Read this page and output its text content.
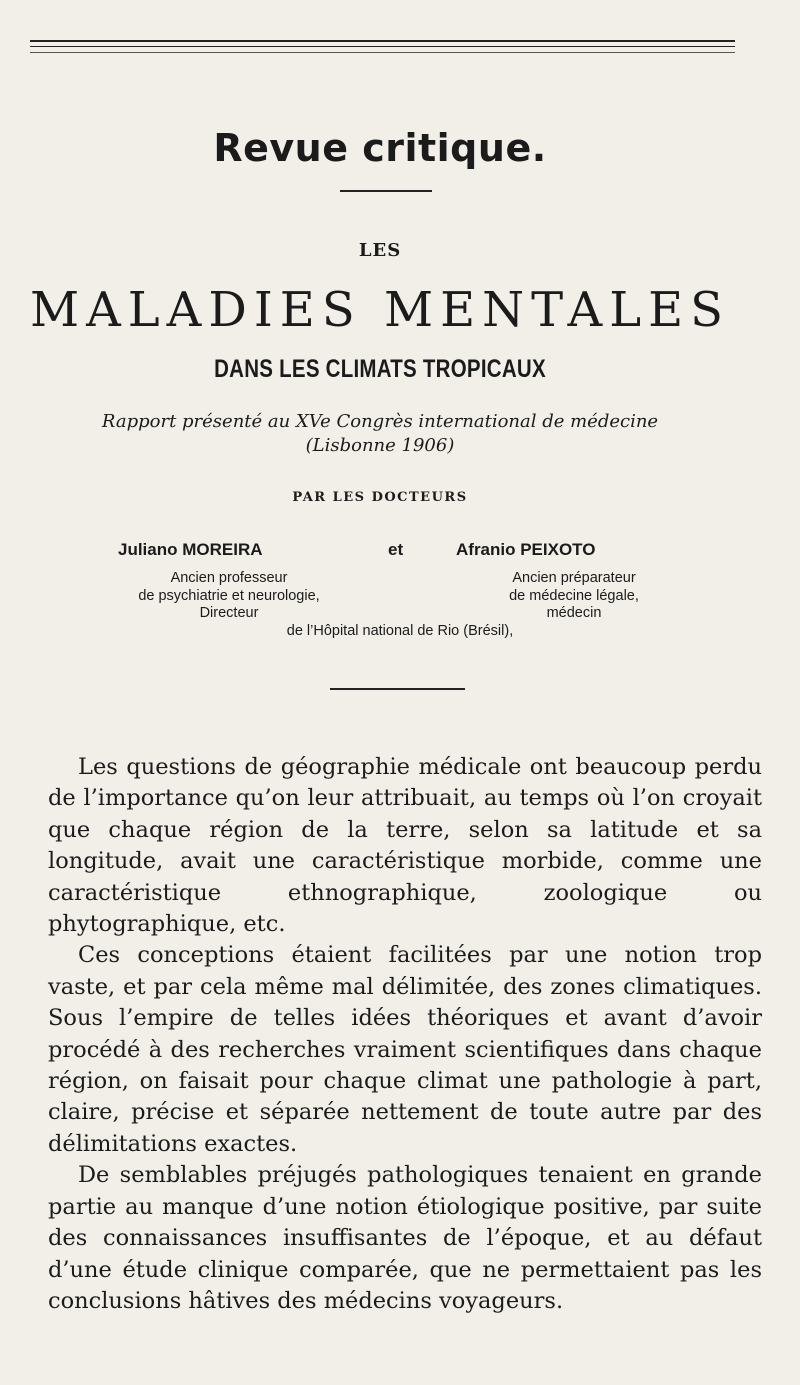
Revue critique.
LES
MALADIES MENTALES
DANS LES CLIMATS TROPICAUX
Rapport présenté au XVe Congrès international de médecine
(Lisbonne 1906)
PAR LES DOCTEURS
Juliano MOREIRA	et	Afranio PEIXOTO
Ancien professeur
de psychiatrie et neurologie,
Directeur
Ancien préparateur
de médecine légale,
médecin
de l’Hôpital national de Rio (Brésil),

Les questions de géographie médicale ont beaucoup perdu de l’importance qu’on leur attribuait, au temps où l’on croyait que chaque région de la terre, selon sa latitude et sa longitude, avait une caractéristique morbide, comme une caractéristique ethnographique, zoologique ou phytographique, etc.

Ces conceptions étaient facilitées par une notion trop vaste, et par cela même mal délimitée, des zones climatiques. Sous l’empire de telles idées théoriques et avant d’avoir procédé à des recherches vraiment scientifiques dans chaque région, on faisait pour chaque climat une pathologie à part, claire, précise et séparée nettement de toute autre par des délimitations exactes.

De semblables préjugés pathologiques tenaient en grande partie au manque d’une notion étiologique positive, par suite des connaissances insuffisantes de l’époque, et au défaut d’une étude clinique comparée, que ne permettaient pas les conclusions hâtives des médecins voyageurs.
